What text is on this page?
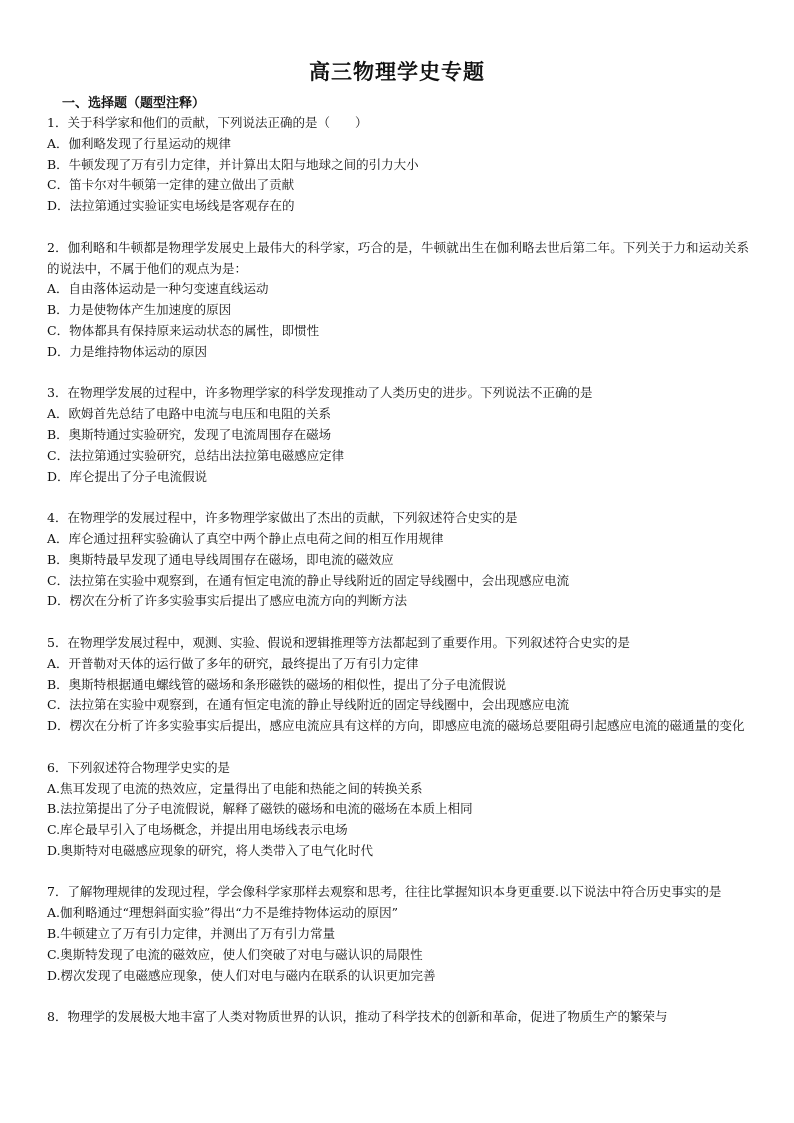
高三物理学史专题
一、选择题（题型注释）
1．关于科学家和他们的贡献，下列说法正确的是（　　）
A．伽利略发现了行星运动的规律
B．牛顿发现了万有引力定律，并计算出太阳与地球之间的引力大小
C．笛卡尔对牛顿第一定律的建立做出了贡献
D．法拉第通过实验证实电场线是客观存在的
2．伽利略和牛顿都是物理学发展史上最伟大的科学家，巧合的是，牛顿就出生在伽利略去世后第二年。下列关于力和运动关系的说法中，不属于他们的观点为是：
A．自由落体运动是一种匀变速直线运动
B．力是使物体产生加速度的原因
C．物体都具有保持原来运动状态的属性，即惯性
D．力是维持物体运动的原因
3．在物理学发展的过程中，许多物理学家的科学发现推动了人类历史的进步。下列说法不正确的是
A．欧姆首先总结了电路中电流与电压和电阻的关系
B．奥斯特通过实验研究，发现了电流周围存在磁场
C．法拉第通过实验研究，总结出法拉第电磁感应定律
D．库仑提出了分子电流假说
4．在物理学的发展过程中，许多物理学家做出了杰出的贡献，下列叙述符合史实的是
A．库仑通过扭秤实验确认了真空中两个静止点电荷之间的相互作用规律
B．奥斯特最早发现了通电导线周围存在磁场，即电流的磁效应
C．法拉第在实验中观察到，在通有恒定电流的静止导线附近的固定导线圈中，会出现感应电流
D．楞次在分析了许多实验事实后提出了感应电流方向的判断方法
5．在物理学发展过程中，观测、实验、假说和逻辑推理等方法都起到了重要作用。下列叙述符合史实的是
A．开普勒对天体的运行做了多年的研究，最终提出了万有引力定律
B．奥斯特根据通电螺线管的磁场和条形磁铁的磁场的相似性，提出了分子电流假说
C．法拉第在实验中观察到，在通有恒定电流的静止导线附近的固定导线圈中，会出现感应电流
D．楞次在分析了许多实验事实后提出，感应电流应具有这样的方向，即感应电流的磁场总要阻碍引起感应电流的磁通量的变化
6．下列叙述符合物理学史实的是
A.焦耳发现了电流的热效应，定量得出了电能和热能之间的转换关系
B.法拉第提出了分子电流假说，解释了磁铁的磁场和电流的磁场在本质上相同
C.库仑最早引入了电场概念，并提出用电场线表示电场
D.奥斯特对电磁感应现象的研究，将人类带入了电气化时代
7．了解物理规律的发现过程，学会像科学家那样去观察和思考，往往比掌握知识本身更重要.以下说法中符合历史事实的是
A.伽利略通过“理想斜面实验”得出“力不是维持物体运动的原因”
B.牛顿建立了万有引力定律，并测出了万有引力常量
C.奥斯特发现了电流的磁效应，使人们突破了对电与磁认识的局限性
D.楞次发现了电磁感应现象，使人们对电与磁内在联系的认识更加完善
8．物理学的发展极大地丰富了人类对物质世界的认识，推动了科学技术的创新和革命，促进了物质生产的繁荣与
